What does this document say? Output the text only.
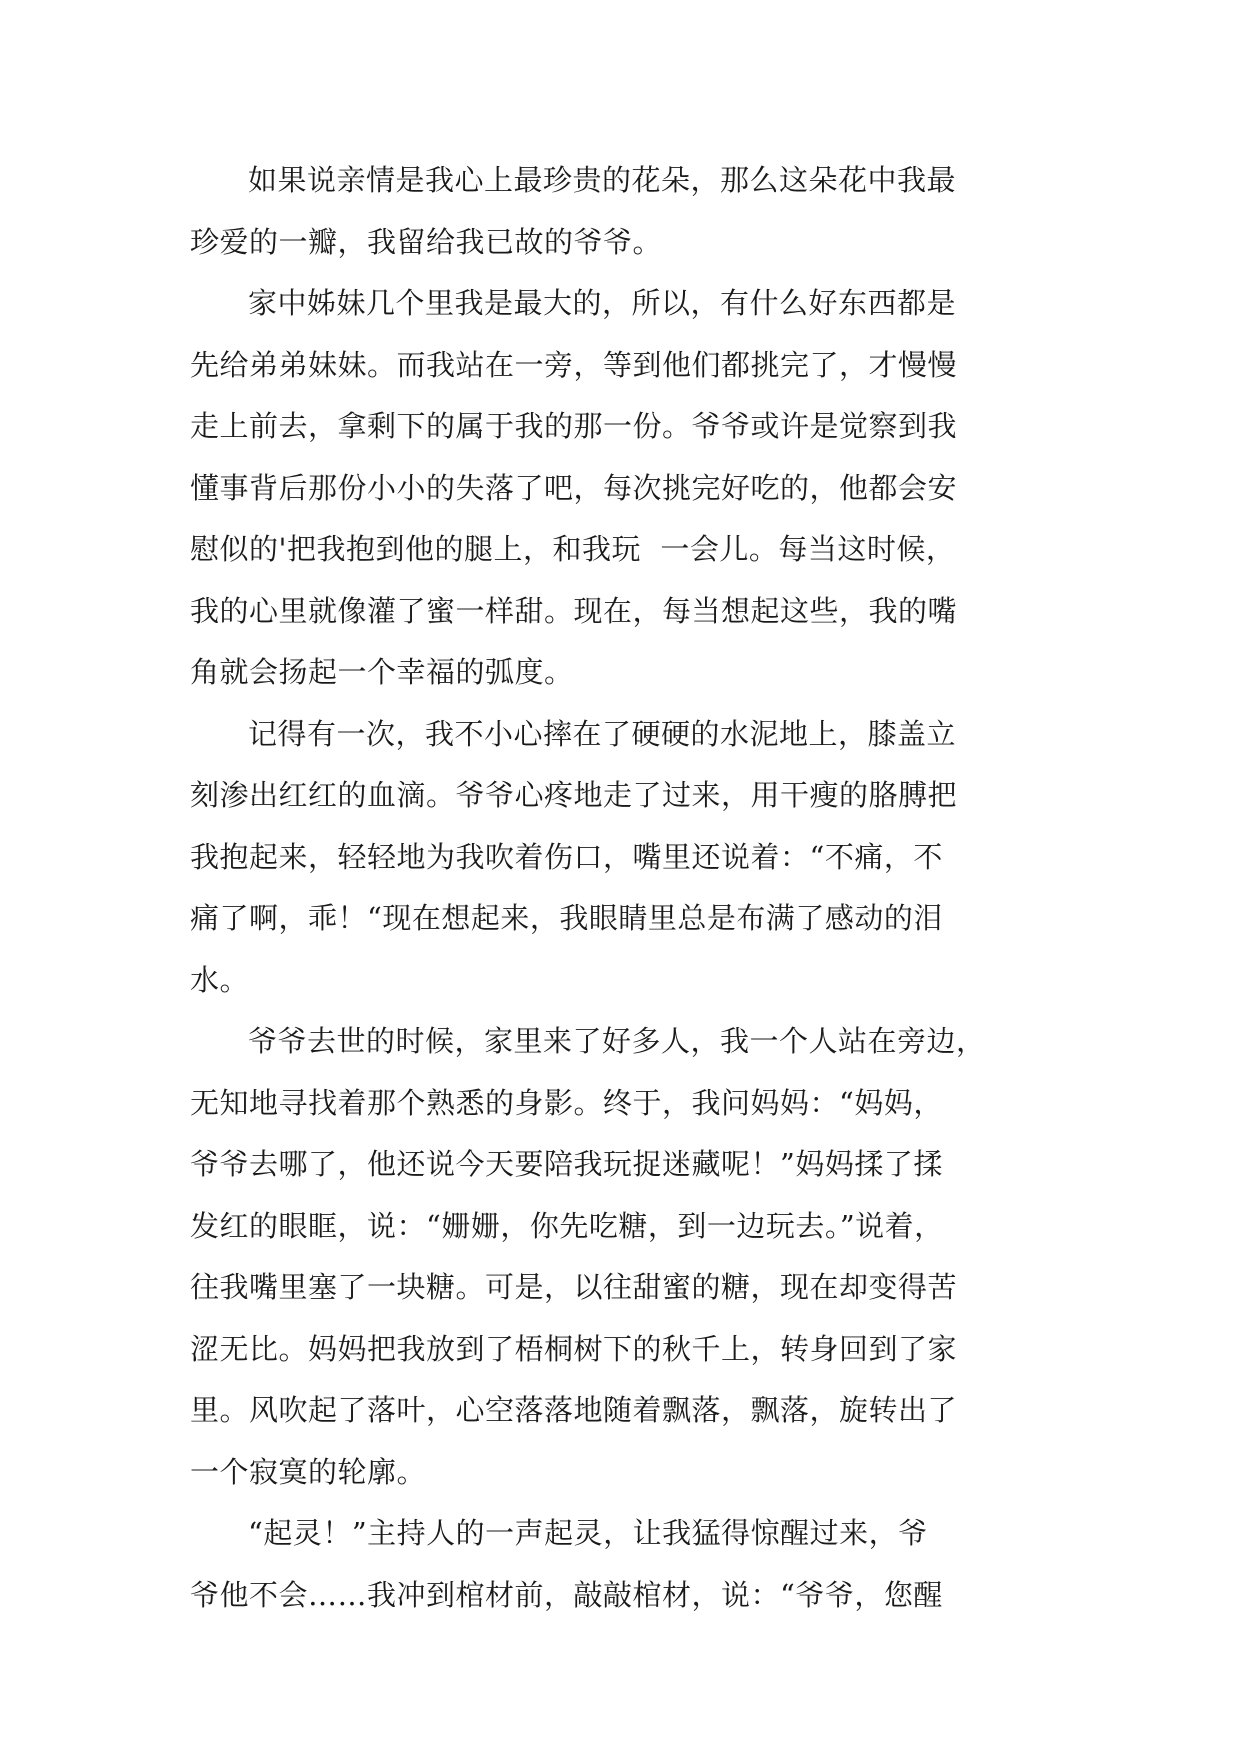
如果说亲情是我心上最珍贵的花朵，那么这朵花中我最
珍爱的一瓣，我留给我已故的爷爷。
家中姊妹几个里我是最大的，所以，有什么好东西都是
先给弟弟妹妹。而我站在一旁，等到他们都挑完了，才慢慢
走上前去，拿剩下的属于我的那一份。爷爷或许是觉察到我
懂事背后那份小小的失落了吧，每次挑完好吃的，他都会安
慰似的'把我抱到他的腿上，和我玩  一会儿。每当这时候，
我的心里就像灌了蜜一样甜。现在，每当想起这些，我的嘴
角就会扬起一个幸福的弧度。
记得有一次，我不小心摔在了硬硬的水泥地上，膝盖立
刻渗出红红的血滴。爷爷心疼地走了过来，用干瘦的胳膊把
我抱起来，轻轻地为我吹着伤口，嘴里还说着：“不痛，不
痛了啊，乖！“现在想起来，我眼睛里总是布满了感动的泪
水。
爷爷去世的时候，家里来了好多人，我一个人站在旁边，
无知地寻找着那个熟悉的身影。终于，我问妈妈：“妈妈，
爷爷去哪了，他还说今天要陪我玩捉迷藏呢！”妈妈揉了揉
发红的眼眶，说：“姗姗，你先吃糖，到一边玩去。”说着，
往我嘴里塞了一块糖。可是，以往甜蜜的糖，现在却变得苦
涩无比。妈妈把我放到了梧桐树下的秋千上，转身回到了家
里。风吹起了落叶，心空落落地随着飘落，飘落，旋转出了
一个寂寞的轮廓。
“起灵！”主持人的一声起灵，让我猛得惊醒过来，爷
爷他不会……我冲到棺材前，敲敲棺材，说：“爷爷，您醒
